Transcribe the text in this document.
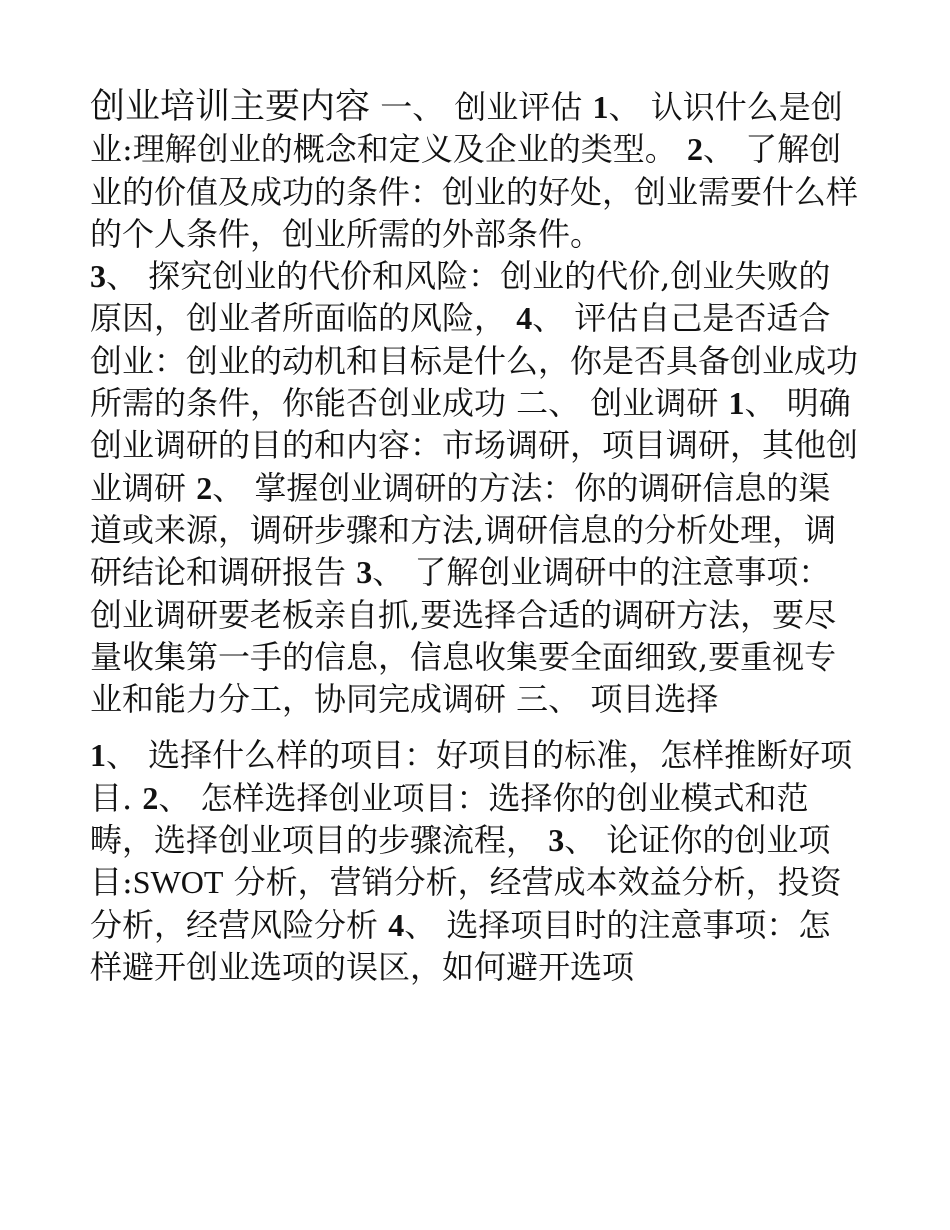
创业培训主要内容 一、 创业评估 1、 认识什么是创业:理解创业的概念和定义及企业的类型。 2、 了解创业的价值及成功的条件：创业的好处，创业需要什么样的个人条件，创业所需的外部条件。
3、 探究创业的代价和风险：创业的代价,创业失败的原因，创业者所面临的风险， 4、 评估自己是否适合创业：创业的动机和目标是什么，你是否具备创业成功所需的条件，你能否创业成功 二、 创业调研 1、 明确创业调研的目的和内容：市场调研，项目调研，其他创业调研 2、 掌握创业调研的方法：你的调研信息的渠道或来源，调研步骤和方法,调研信息的分析处理，调研结论和调研报告 3、 了解创业调研中的注意事项：创业调研要老板亲自抓,要选择合适的调研方法，要尽量收集第一手的信息，信息收集要全面细致,要重视专业和能力分工，协同完成调研 三、 项目选择

1、 选择什么样的项目：好项目的标准，怎样推断好项目. 2、 怎样选择创业项目：选择你的创业模式和范畴，选择创业项目的步骤流程， 3、 论证你的创业项目:SWOT 分析，营销分析，经营成本效益分析，投资分析，经营风险分析 4、 选择项目时的注意事项：怎样避开创业选项的误区，如何避开选项
